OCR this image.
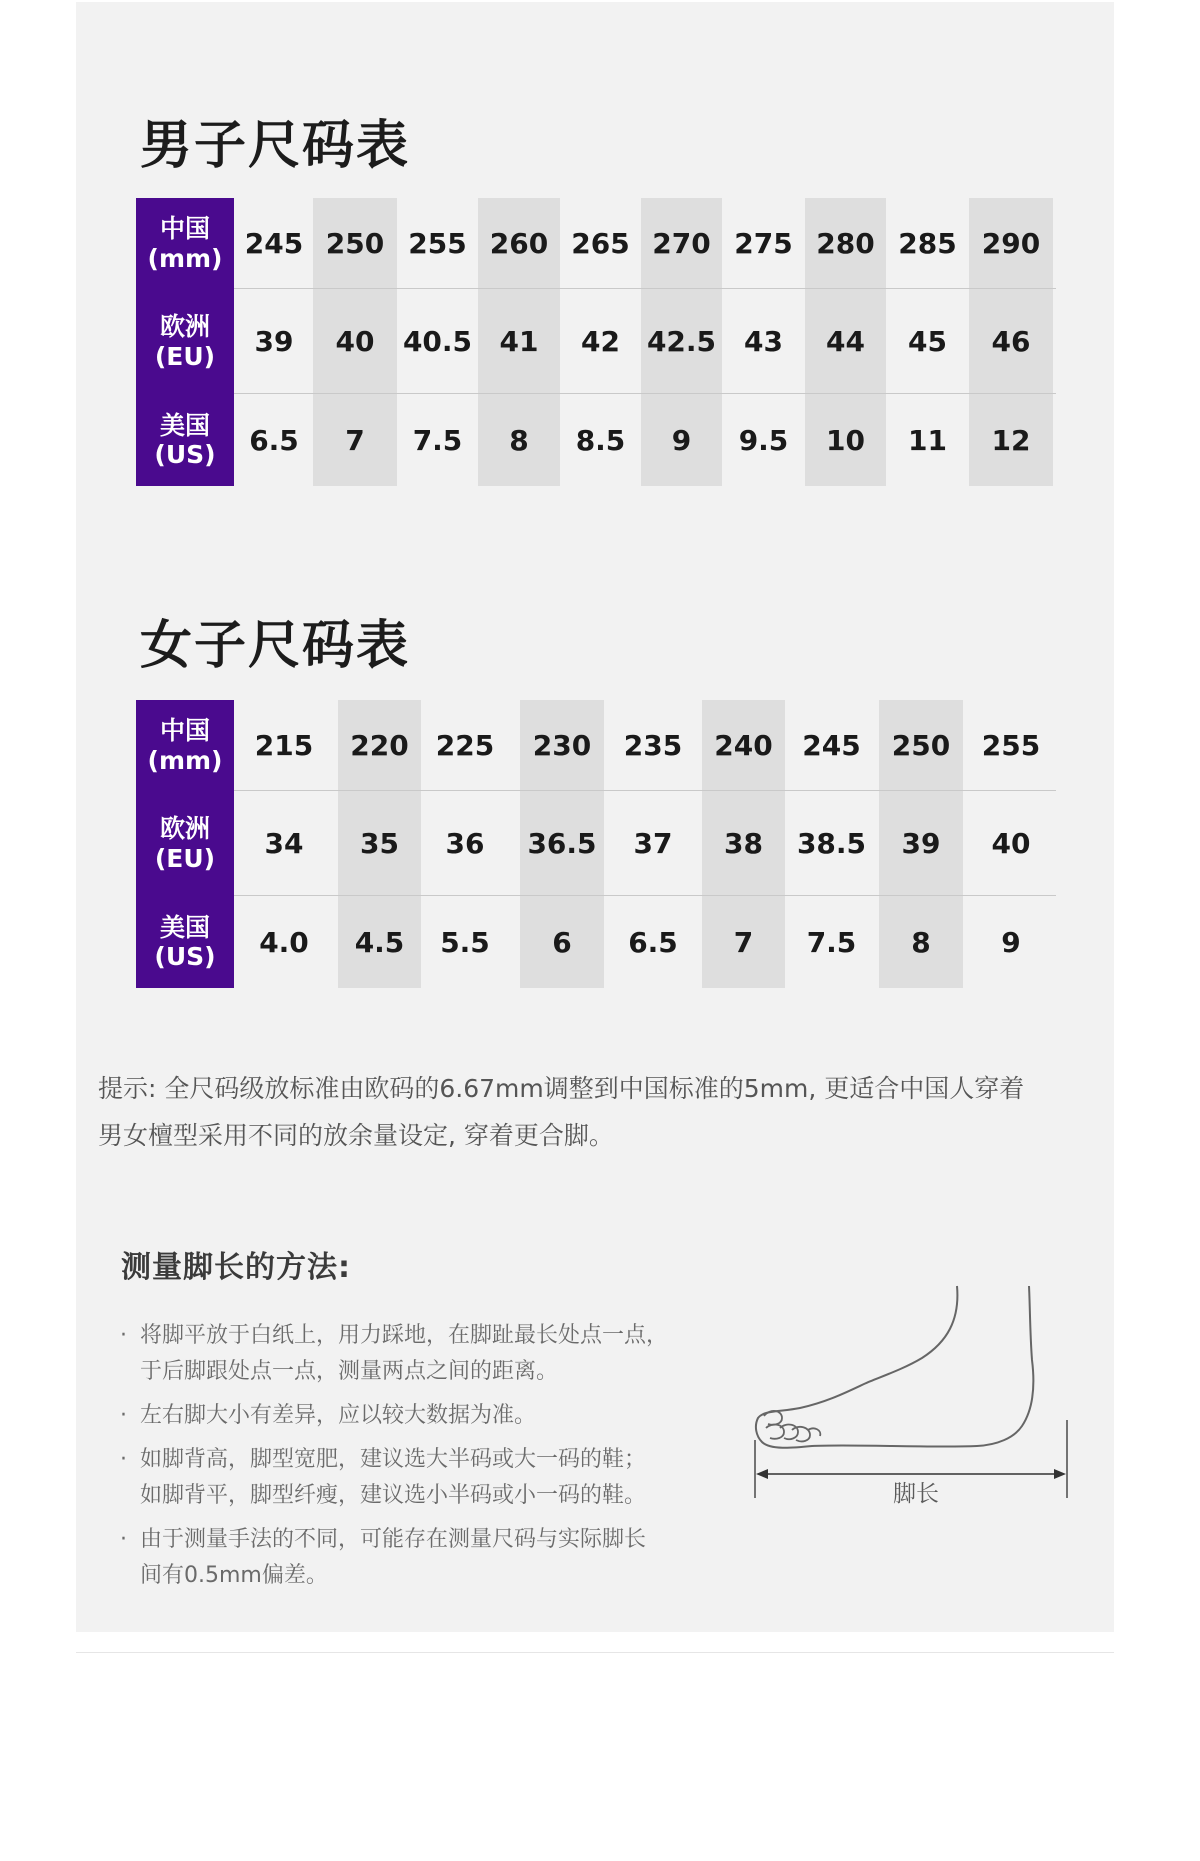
男子尺码表
中国
(mm) 245 250 255 260 265 270 275 280 285 290
欧洲
(EU)	39	40	40.5 41	42 42.5 43	44	45	46
美国
(US)	6.5	7	7.5	8	8.5	9	9.5	10	11	12
女子尺码表
中国
(mm)	215	220 225	230	235	240	245	250	255
欧洲
(EU)	34	35	36	36.5	37	38	38.5	39	40
美国
(US)	4.0	4.5	5.5	6	6.5	7	7.5	8	9

提示: 全尺码级放标准由欧码的6.67mm调整到中国标准的5mm, 更适合中国人穿着

男女檀型采用不同的放余量设定, 穿着更合脚。

测量脚长的方法:
· 将脚平放于白纸上，用力踩地，在脚趾最长处点一点，

于后脚跟处点一点，测量两点之间的距离。

· 左右脚大小有差异，应以较大数据为准。

· 如脚背高，脚型宽肥，建议选大半码或大一码的鞋；

如脚背平，脚型纤瘦，建议选小半码或小一码的鞋。

· 由于测量手法的不同，可能存在测量尺码与实际脚长

间有0.5mm偏差。

脚长
